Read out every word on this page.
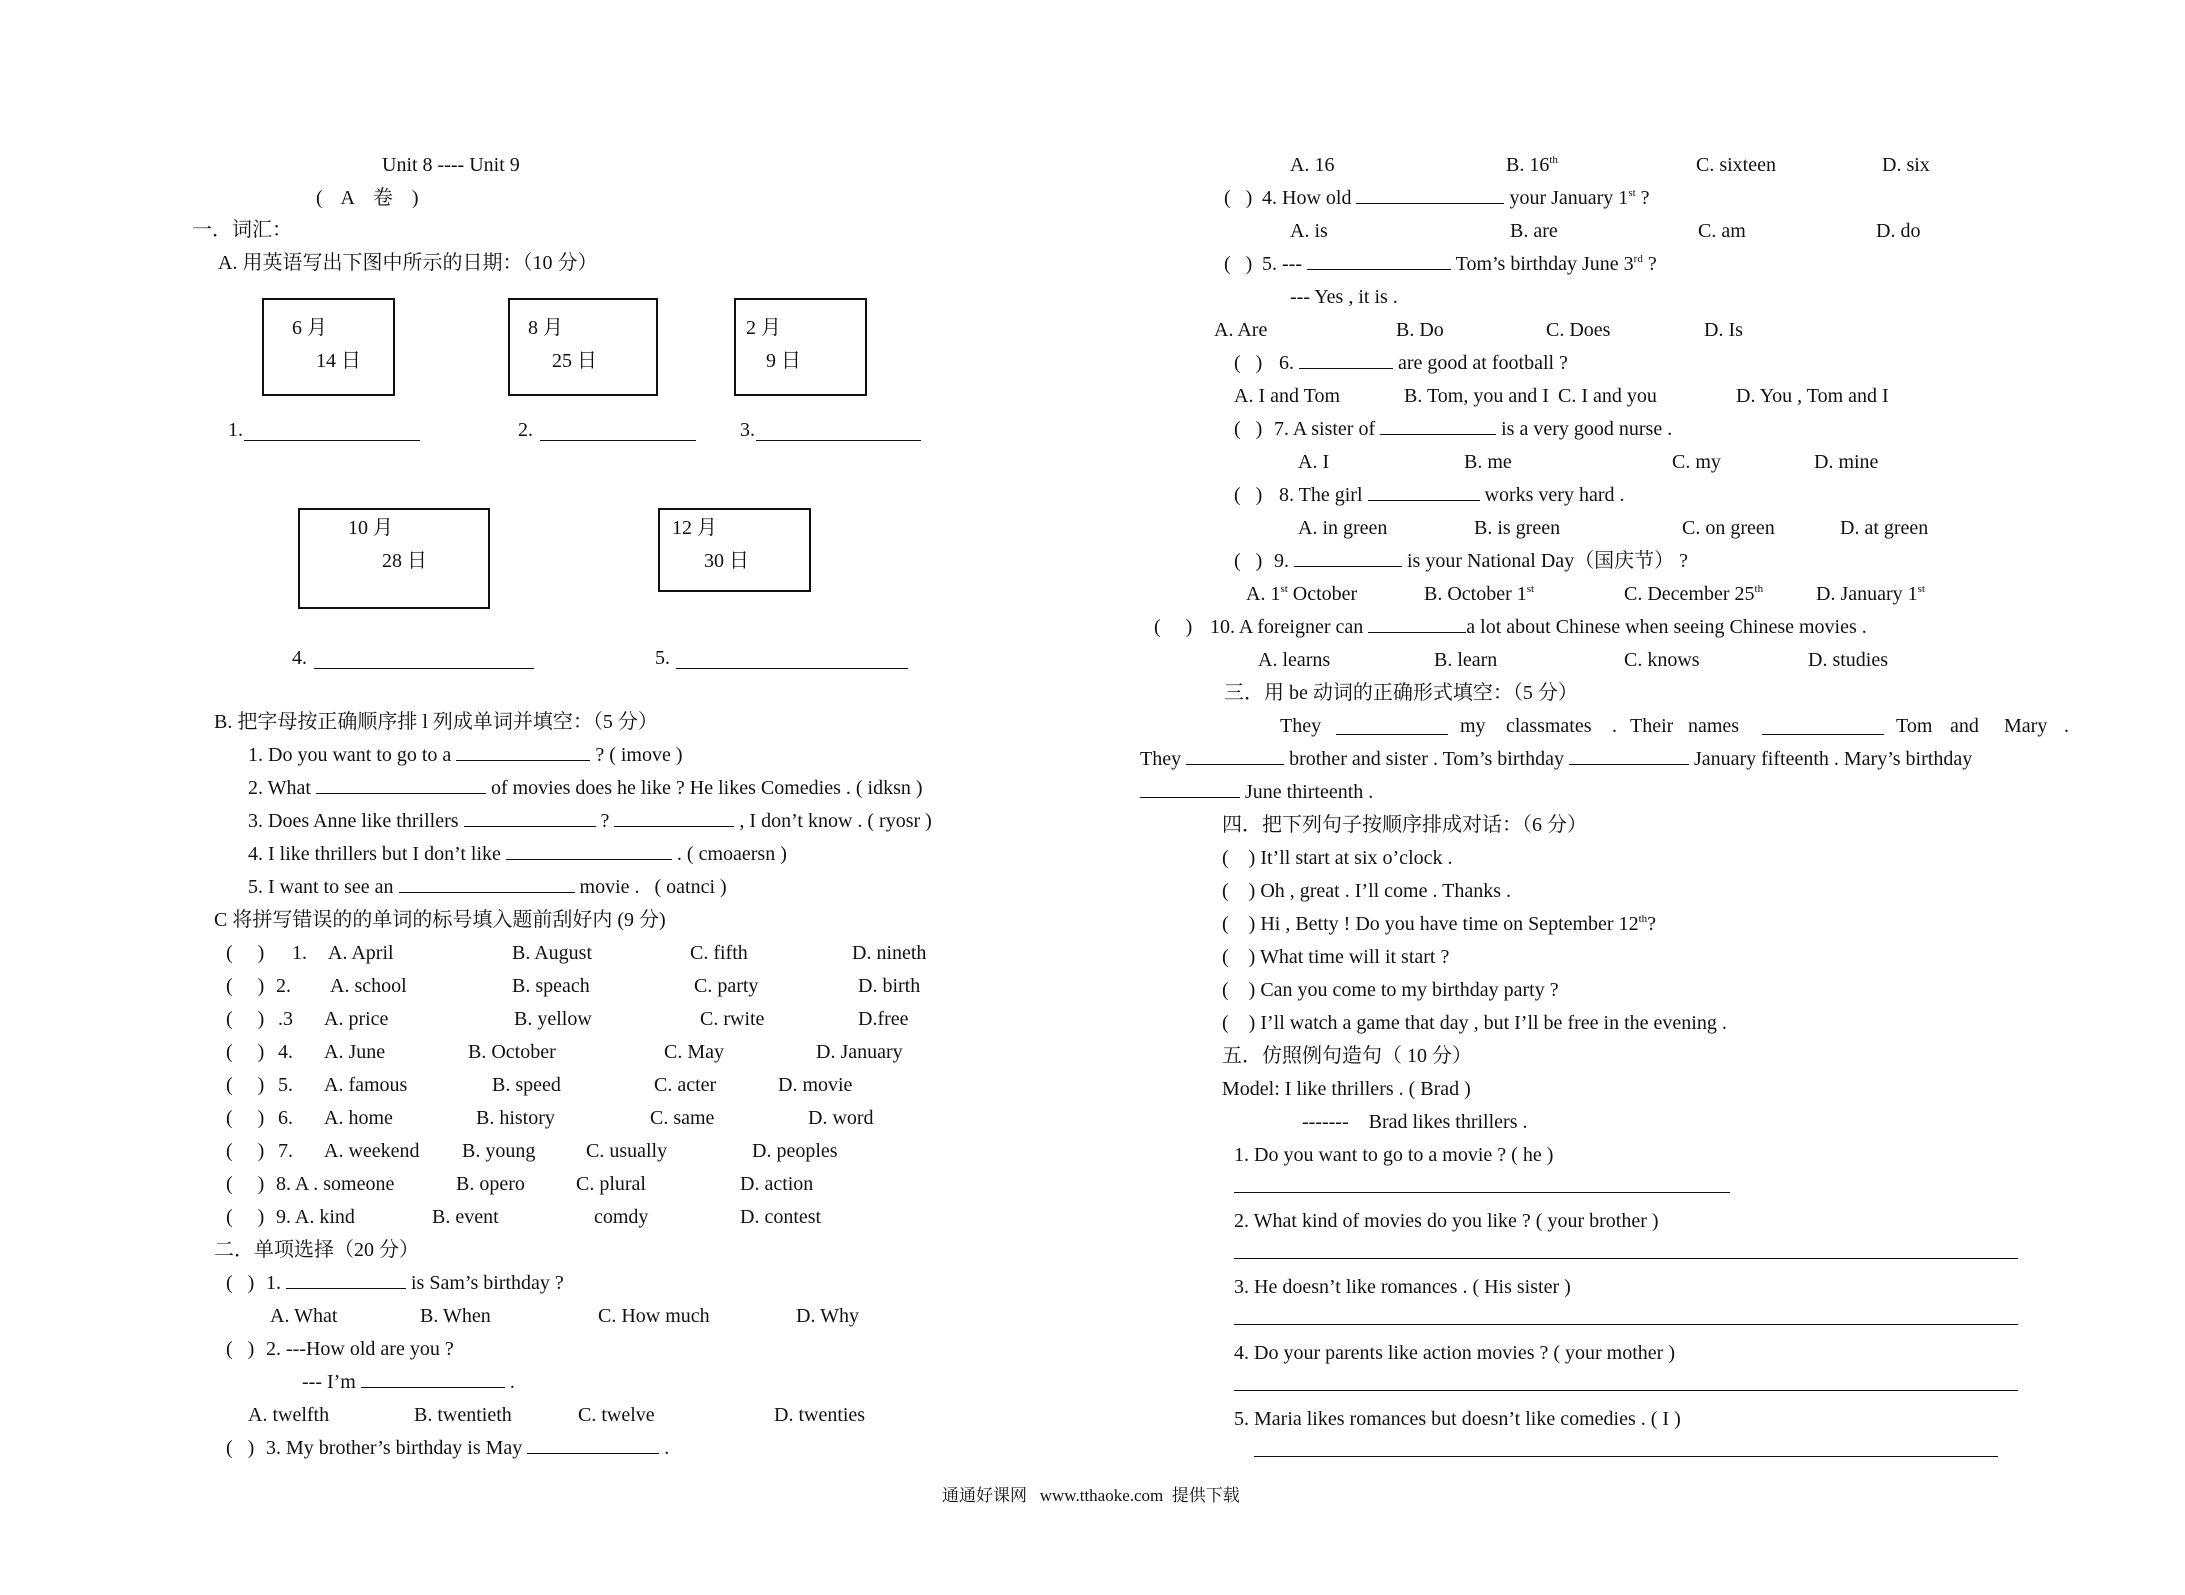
Unit 8 ---- Unit 9
( A 卷 )
一．词汇：
A. 用英语写出下图中所示的日期：（10 分）
6 月
14 日
8 月
25 日
2 月
9 日
1.	2.	3.
10 月
28 日
12 月
30 日
4.	5.
B. 把字母按正确顺序排 l 列成单词并填空：（5 分）
1. Do you want to go to a	? ( imove )
2. What	of movies does he like ? He likes Comedies . ( idksn )
3. Does Anne like thrillers	?	, I don’t know . ( ryosr )
4. I like thrillers but I don’t like	. ( cmoaersn )
5. I want to see an	movie .   ( oatnci )
C 将拼写错误的的单词的标号填入题前刮好内 (9 分)
(     ) 1. A. April	B. August	C. fifth	D. nineth
(     ) 2. A. school	B. speach	C. party	D. birth
(     ) .3 A. price	B. yellow	C. rwite	D.free
(     ) 4. A. June	B. October	C. May	D. January
(     ) 5. A. famous	B. speed	C. acter	D. movie
(     ) 6. A. home	B. history	C. same	D. word
(     ) 7. A. weekend B. young	C. usually	D. peoples
(     ) 8. A . someone	B. opero	C. plural	D. action
(     ) 9. A. kind	B. event	comdy	D. contest
二．单项选择（20 分）
(   ) 1.	is Sam’s birthday ?
A. What	B. When	C. How much	D. Why
(   ) 2. ---How old are you ?
--- I’m	.
A. twelfth	B. twentieth	C. twelve	D. twenties
(   ) 3. My brother’s birthday is May	.
A. 16	B. 16th	C. sixteen	D. six
(   ) 4. How old	your January 1st ?
A. is	B. are	C. am	D. do
(   ) 5. ---	Tom’s birthday June 3rd ?
--- Yes , it is .
A. Are	B. Do	C. Does	D. Is
(   ) 6.	are good at football ?
A. I and Tom	B. Tom, you and I C. I and you	D. You , Tom and I
(   ) 7. A sister of	is a very good nurse .
A. I	B. me	C. my	D. mine
(   ) 8. The girl	works very hard .
A. in green	B. is green	C. on green	D. at green
(   ) 9.	is your National Day（国庆节） ?
A. 1st October	B. October 1st	C. December 25th	D. January 1st
(     ) 10. A foreigner can	a lot about Chinese when seeing Chinese movies .
A. learns	B. learn	C. knows	D. studies
三．用 be 动词的正确形式填空：（5 分）
They	my classmates . Their names	Tom and Mary .
They	brother and sister . Tom’s birthday	January fifteenth . Mary’s birthday
June thirteenth .
四．把下列句子按顺序排成对话：（6 分）
(    ) It’ll start at six o’clock .
(    ) Oh , great . I’ll come . Thanks .
(    ) Hi , Betty ! Do you have time on September 12th?
(    ) What time will it start ?
(    ) Can you come to my birthday party ?
(    ) I’ll watch a game that day , but I’ll be free in the evening .
五．仿照例句造句（ 10 分）
Model: I like thrillers . ( Brad )
-------    Brad likes thrillers .
1. Do you want to go to a movie ? ( he )
2. What kind of movies do you like ? ( your brother )
3. He doesn’t like romances . ( His sister )
4. Do your parents like action movies ? ( your mother )
5. Maria likes romances but doesn’t like comedies . ( I )
通通好课网   www.tthaoke.com  提供下载
